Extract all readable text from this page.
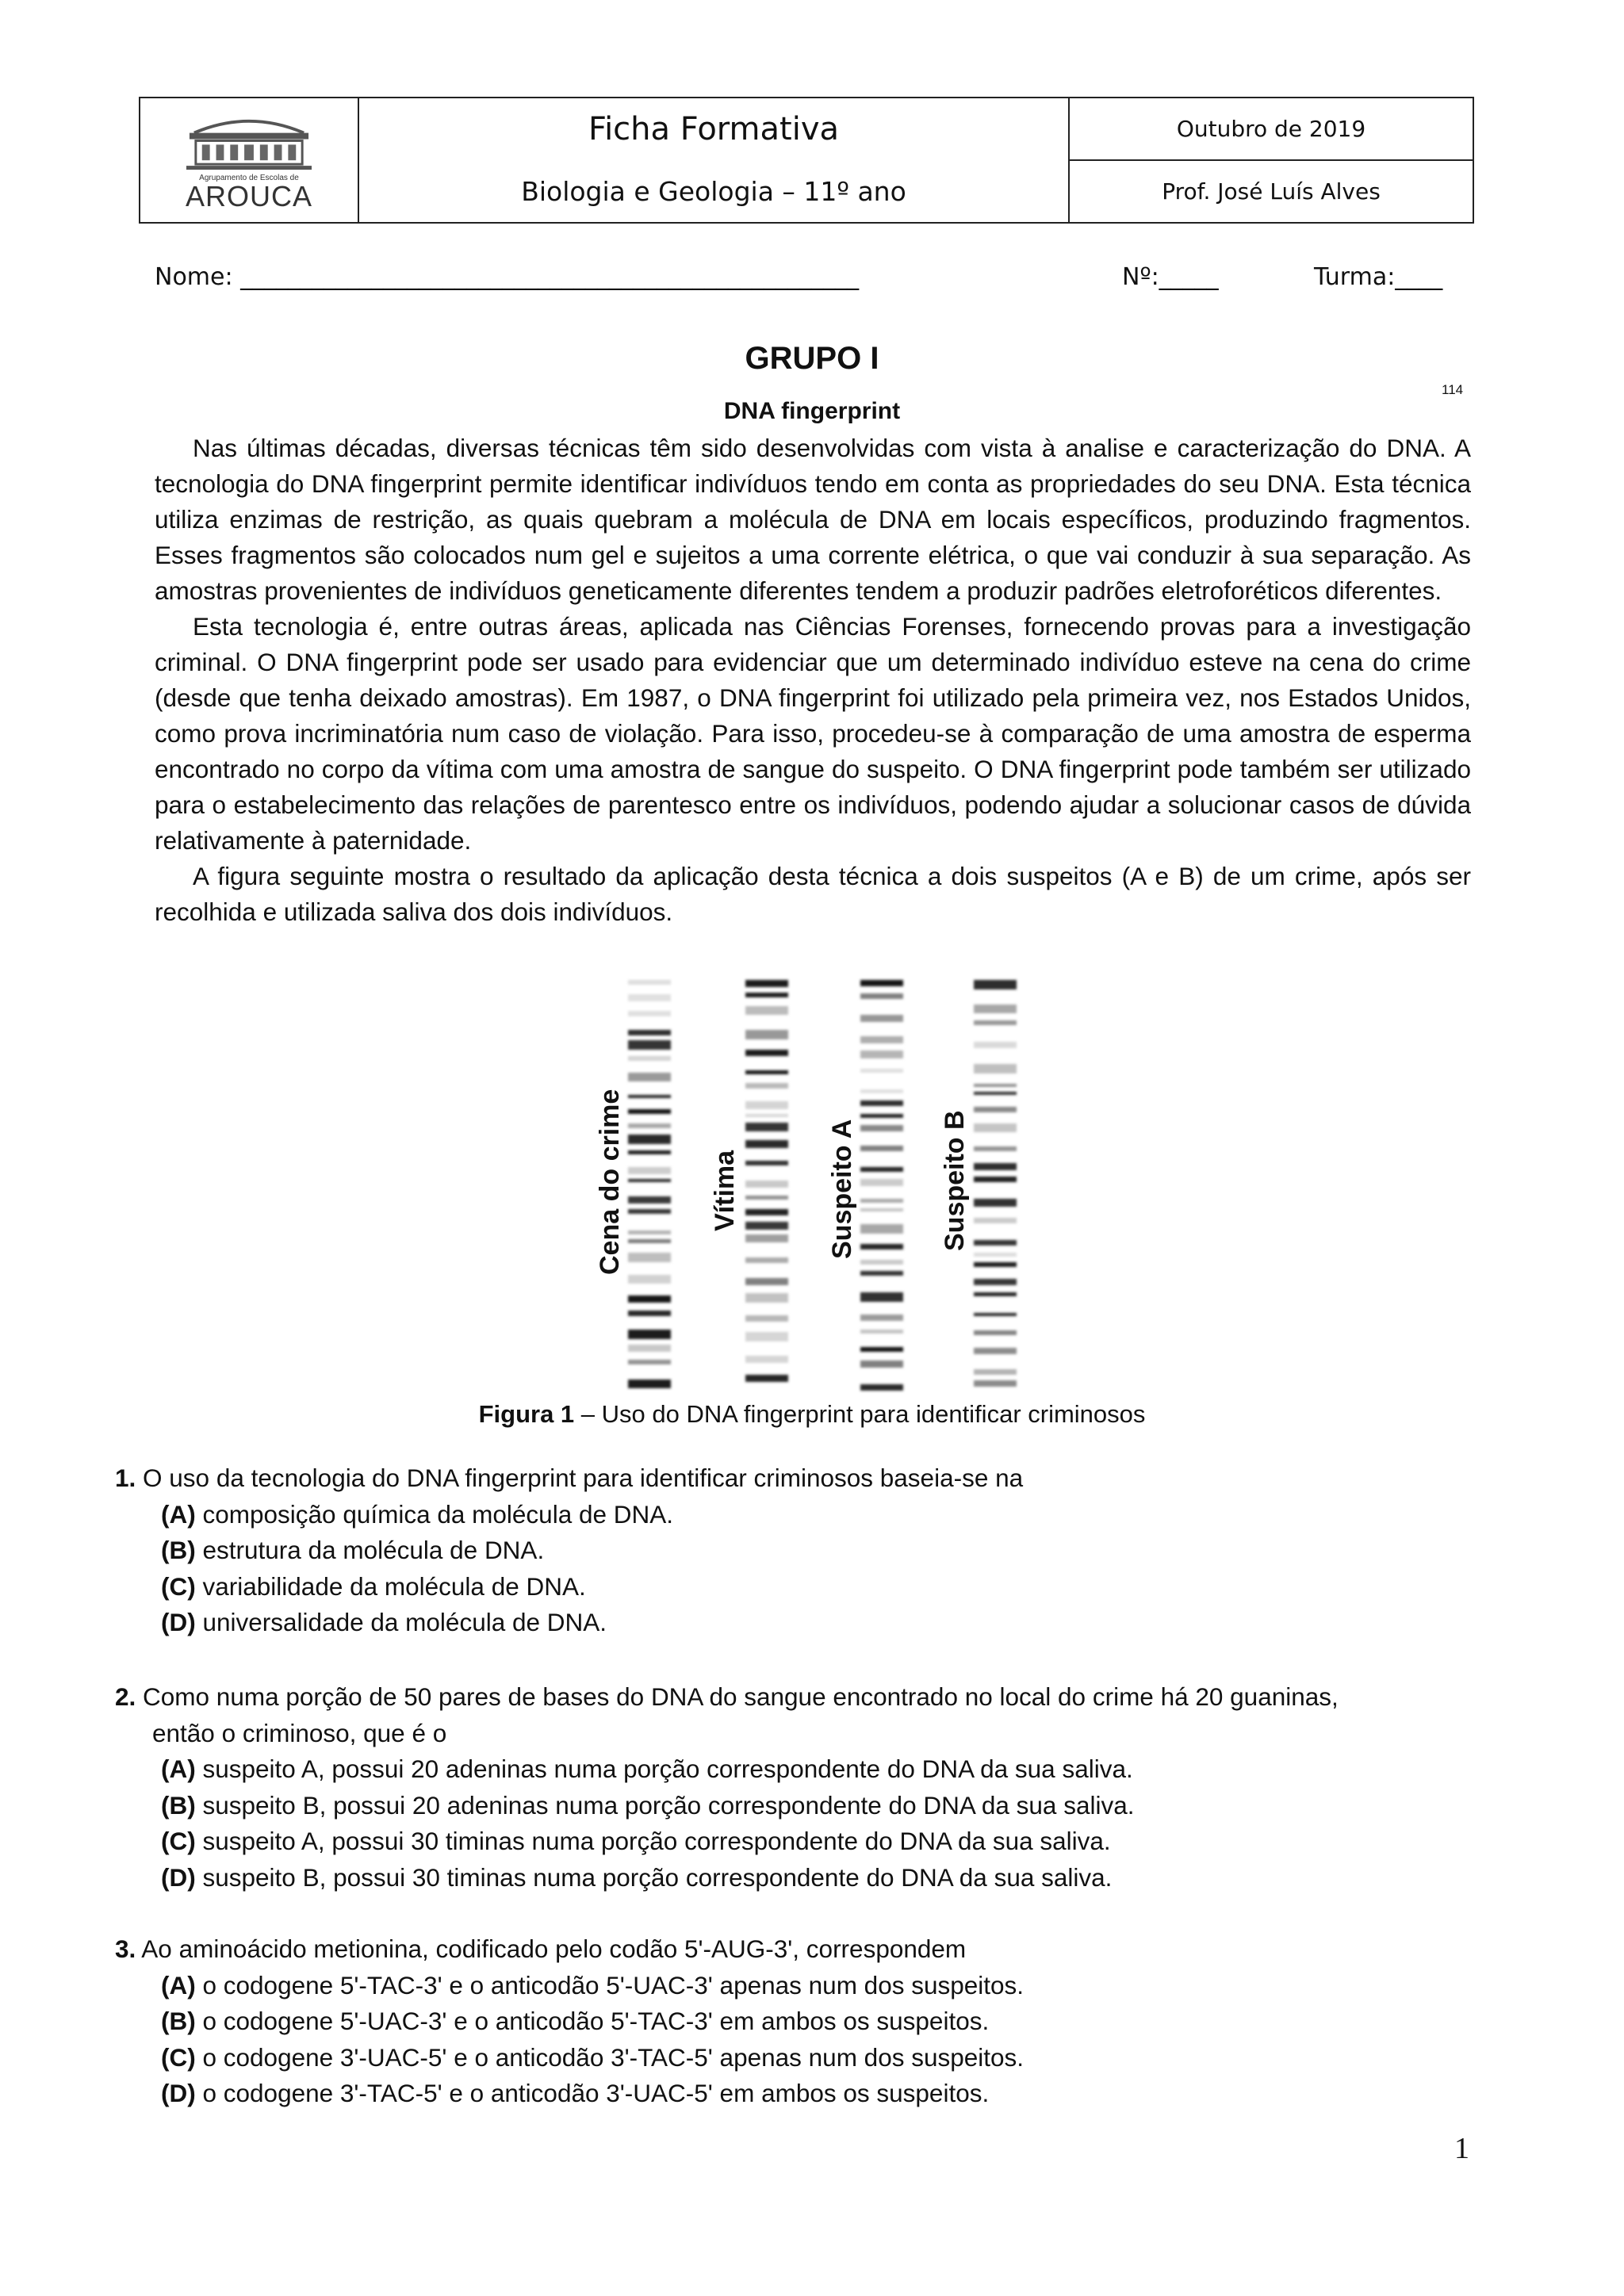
Agrupamento de Escolas de
AROUCA
Ficha Formativa
Biologia e Geologia – 11º ano
Outubro de 2019
Prof. José Luís Alves
Nome: ____________________________________________________	Nº:_____	Turma:____
GRUPO I
114
DNA fingerprint

Nas últimas décadas, diversas técnicas têm sido desenvolvidas com vista à analise e caracterização do DNA. A tecnologia do DNA fingerprint permite identificar indivíduos tendo em conta as propriedades do seu DNA. Esta técnica utiliza enzimas de restrição, as quais quebram a molécula de DNA em locais específicos, produzindo fragmentos. Esses fragmentos são colocados num gel e sujeitos a uma corrente elétrica, o que vai conduzir à sua separação. As amostras provenientes de indivíduos geneticamente diferentes tendem a produzir padrões eletroforéticos diferentes.

Esta tecnologia é, entre outras áreas, aplicada nas Ciências Forenses, fornecendo provas para a investigação criminal. O DNA fingerprint pode ser usado para evidenciar que um determinado indivíduo esteve na cena do crime (desde que tenha deixado amostras). Em 1987, o DNA fingerprint foi utilizado pela primeira vez, nos Estados Unidos, como prova incriminatória num caso de violação. Para isso, procedeu-se à comparação de uma amostra de esperma encontrado no corpo da vítima com uma amostra de sangue do suspeito. O DNA fingerprint pode também ser utilizado para o estabelecimento das relações de parentesco entre os indivíduos, podendo ajudar a solucionar casos de dúvida relativamente à paternidade.

A figura seguinte mostra o resultado da aplicação desta técnica a dois suspeitos (A e B) de um crime, após ser recolhida e utilizada saliva dos dois indivíduos.

Cena do crime	Vítima	Suspeito A	Suspeito B
Figura 1 – Uso do DNA fingerprint para identificar criminosos

1. O uso da tecnologia do DNA fingerprint para identificar criminosos baseia-se na

(A) composição química da molécula de DNA.

(B) estrutura da molécula de DNA.

(C) variabilidade da molécula de DNA.

(D) universalidade da molécula de DNA.

2. Como numa porção de 50 pares de bases do DNA do sangue encontrado no local do crime há 20 guaninas,

então o criminoso, que é o

(A) suspeito A, possui 20 adeninas numa porção correspondente do DNA da sua saliva.

(B) suspeito B, possui 20 adeninas numa porção correspondente do DNA da sua saliva.

(C) suspeito A, possui 30 timinas numa porção correspondente do DNA da sua saliva.

(D) suspeito B, possui 30 timinas numa porção correspondente do DNA da sua saliva.

3. Ao aminoácido metionina, codificado pelo codão 5'-AUG-3', correspondem

(A) o codogene 5'-TAC-3' e o anticodão 5'-UAC-3' apenas num dos suspeitos.

(B) o codogene 5'-UAC-3' e o anticodão 5'-TAC-3' em ambos os suspeitos.

(C) o codogene 3'-UAC-5' e o anticodão 3'-TAC-5' apenas num dos suspeitos.

(D) o codogene 3'-TAC-5' e o anticodão 3'-UAC-5' em ambos os suspeitos.

1
